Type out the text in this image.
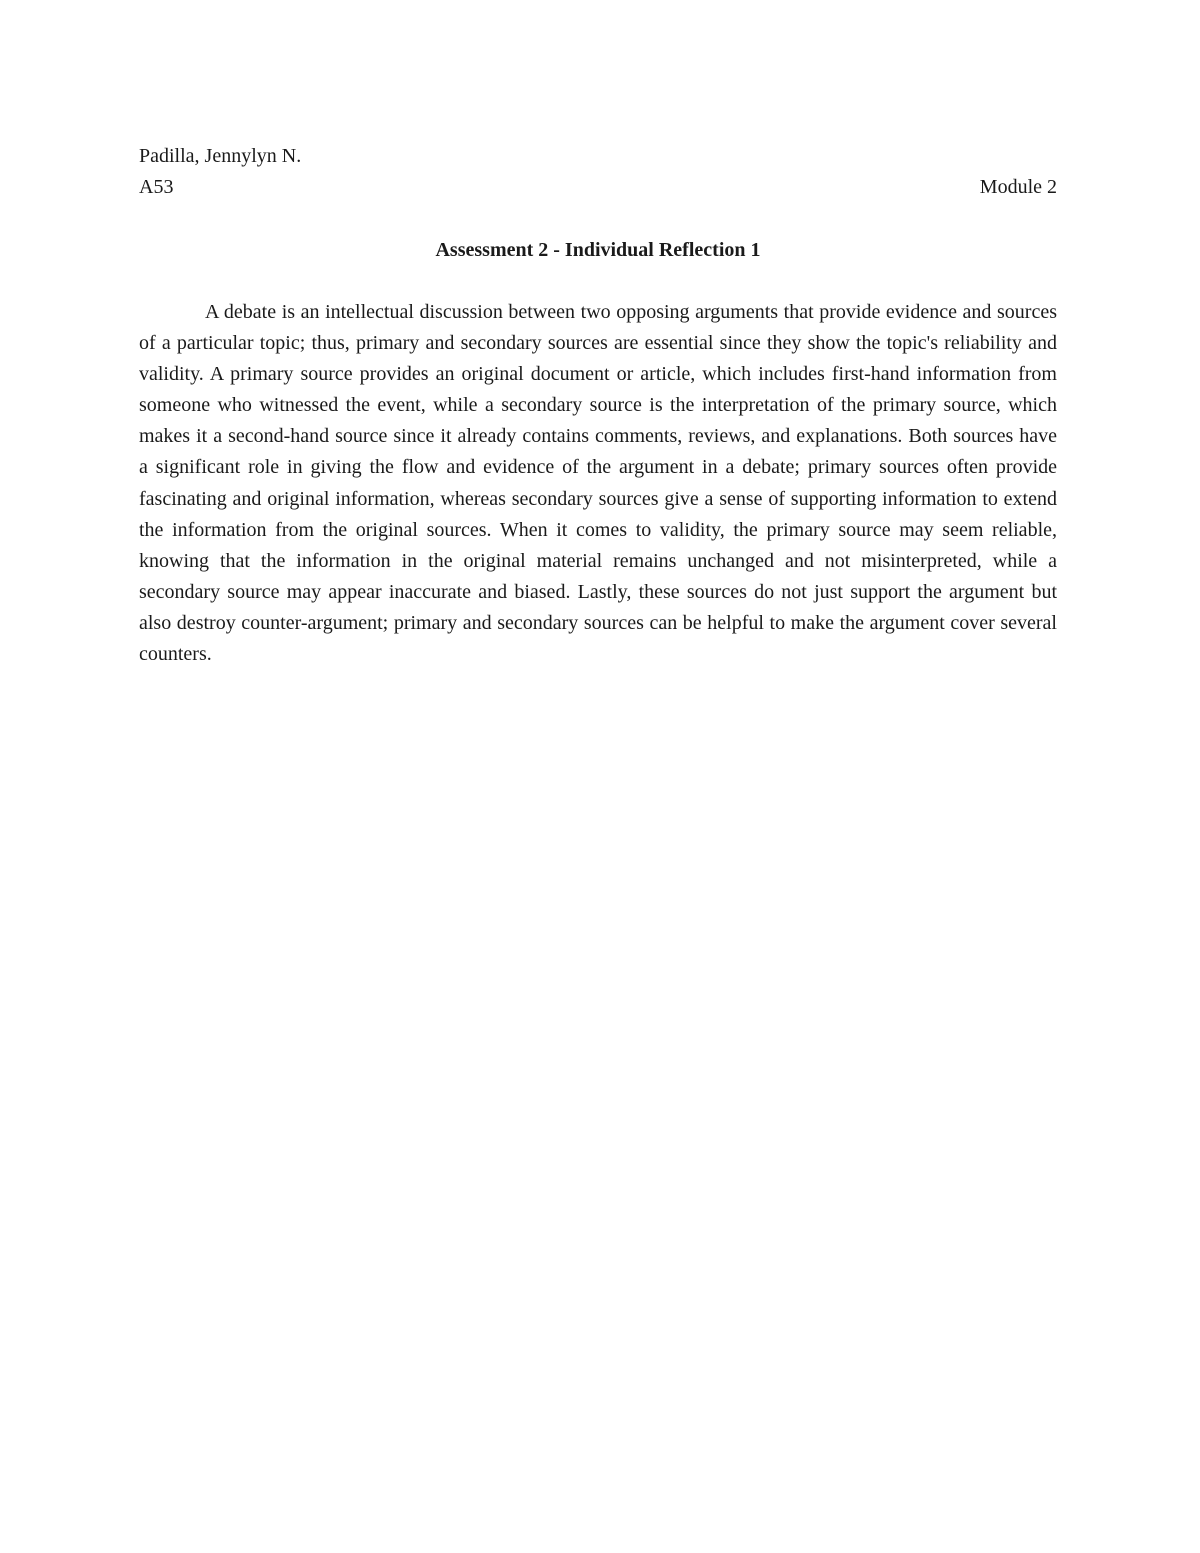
Padilla, Jennylyn N.
A53	Module 2
Assessment 2 - Individual Reflection 1

A debate is an intellectual discussion between two opposing arguments that provide evidence and sources of a particular topic; thus, primary and secondary sources are essential since they show the topic's reliability and validity. A primary source provides an original document or article, which includes first-hand information from someone who witnessed the event, while a secondary source is the interpretation of the primary source, which makes it a second-hand source since it already contains comments, reviews, and explanations. Both sources have a significant role in giving the flow and evidence of the argument in a debate; primary sources often provide fascinating and original information, whereas secondary sources give a sense of supporting information to extend the information from the original sources. When it comes to validity, the primary source may seem reliable, knowing that the information in the original material remains unchanged and not misinterpreted, while a secondary source may appear inaccurate and biased. Lastly, these sources do not just support the argument but also destroy counter-argument; primary and secondary sources can be helpful to make the argument cover several counters.
